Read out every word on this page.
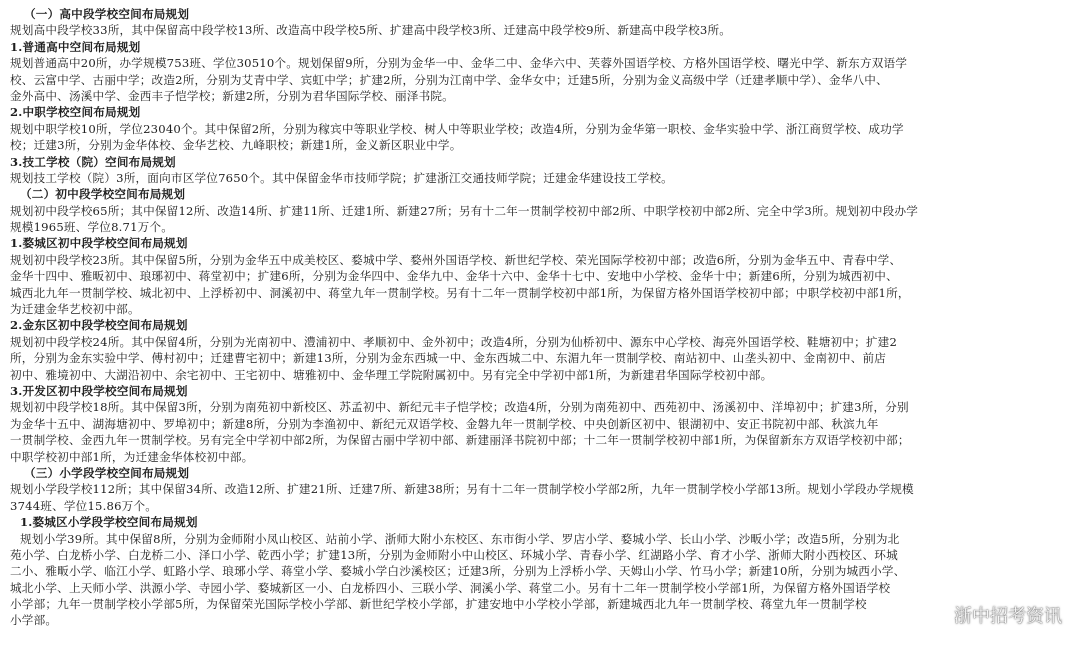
（一）高中段学校空间布局规划
规划高中段学校33所，其中保留高中段学校13所、改造高中段学校5所、扩建高中段学校3所、迁建高中段学校9所、新建高中段学校3所。
1.普通高中空间布局规划
规划普通高中20所，办学规模753班、学位30510个。规划保留9所，分别为金华一中、金华二中、金华六中、芙蓉外国语学校、方格外国语学校、曙光中学、新东方双语学
校、云富中学、古丽中学；改造2所，分别为艾青中学、宾虹中学；扩建2所，分别为江南中学、金华女中；迁建5所，分别为金义高级中学（迁建孝顺中学）、金华八中、
金外高中、汤溪中学、金西丰子恺学校；新建2所，分别为君华国际学校、丽泽书院。
2.中职学校空间布局规划
规划中职学校10所，学位23040个。其中保留2所，分别为稼宾中等职业学校、树人中等职业学校；改造4所，分别为金华第一职校、金华实验中学、浙江商贸学校、成功学
校；迁建3所，分别为金华体校、金华艺校、九峰职校；新建1所，金义新区职业中学。
3.技工学校（院）空间布局规划
规划技工学校（院）3所，面向市区学位7650个。其中保留金华市技师学院；扩建浙江交通技师学院；迁建金华建设技工学校。
（二）初中段学校空间布局规划
规划初中段学校65所；其中保留12所、改造14所、扩建11所、迁建1所、新建27所；另有十二年一贯制学校初中部2所、中职学校初中部2所、完全中学3所。规划初中段办学
规模1965班、学位8.71万个。
1.婺城区初中段学校空间布局规划
规划初中段学校23所。其中保留5所，分别为金华五中成美校区、婺城中学、婺州外国语学校、新世纪学校、荣光国际学校初中部；改造6所，分别为金华五中、青春中学、
金华十四中、雅畈初中、琅琊初中、蒋堂初中；扩建6所，分别为金华四中、金华九中、金华十六中、金华十七中、安地中小学校、金华十中；新建6所，分别为城西初中、
城西北九年一贯制学校、城北初中、上浮桥初中、洞溪初中、蒋堂九年一贯制学校。另有十二年一贯制学校初中部1所，为保留方格外国语学校初中部；中职学校初中部1所，
为迁建金华艺校初中部。
2.金东区初中段学校空间布局规划
规划初中段学校24所。其中保留4所，分别为光南初中、澧浦初中、孝顺初中、金外初中；改造4所，分别为仙桥初中、源东中心学校、海亮外国语学校、鞋塘初中；扩建2
所，分别为金东实验中学、傅村初中；迁建曹宅初中；新建13所，分别为金东西城一中、金东西城二中、东湄九年一贯制学校、南站初中、山垄头初中、金南初中、前店
初中、雅境初中、大湖沿初中、余宅初中、王宅初中、塘雅初中、金华理工学院附属初中。另有完全中学初中部1所，为新建君华国际学校初中部。
3.开发区初中段学校空间布局规划
规划初中段学校18所。其中保留3所，分别为南苑初中新校区、苏孟初中、新纪元丰子恺学校；改造4所，分别为南苑初中、西苑初中、汤溪初中、洋埠初中；扩建3所，分别
为金华十五中、湖海塘初中、罗埠初中；新建8所，分别为李渔初中、新纪元双语学校、金磐九年一贯制学校、中央创新区初中、银湖初中、安正书院初中部、秋滨九年
一贯制学校、金西九年一贯制学校。另有完全中学初中部2所，为保留古丽中学初中部、新建丽泽书院初中部；十二年一贯制学校初中部1所，为保留新东方双语学校初中部；
中职学校初中部1所，为迁建金华体校初中部。
（三）小学段学校空间布局规划
规划小学段学校112所；其中保留34所、改造12所、扩建21所、迁建7所、新建38所；另有十二年一贯制学校小学部2所，九年一贯制学校小学部13所。规划小学段办学规模
3744班、学位15.86万个。
1.婺城区小学段学校空间布局规划
规划小学39所。其中保留8所，分别为金师附小凤山校区、站前小学、浙师大附小东校区、东市街小学、罗店小学、婺城小学、长山小学、沙畈小学；改造5所，分别为北
苑小学、白龙桥小学、白龙桥二小、泽口小学、乾西小学；扩建13所，分别为金师附小中山校区、环城小学、青春小学、红湖路小学、育才小学、浙师大附小西校区、环城
二小、雅畈小学、临江小学、虹路小学、琅琊小学、蒋堂小学、婺城小学白沙溪校区；迁建3所，分别为上浮桥小学、天姆山小学、竹马小学；新建10所，分别为城西小学、
城北小学、上天师小学、洪源小学、寺园小学、婺城新区一小、白龙桥四小、三联小学、洞溪小学、蒋堂二小。另有十二年一贯制学校小学部1所，为保留方格外国语学校
小学部；九年一贯制学校小学部5所，为保留荣光国际学校小学部、新世纪学校小学部，扩建安地中小学校小学部，新建城西北九年一贯制学校、蒋堂九年一贯制学校
小学部。	浙中招考资讯
